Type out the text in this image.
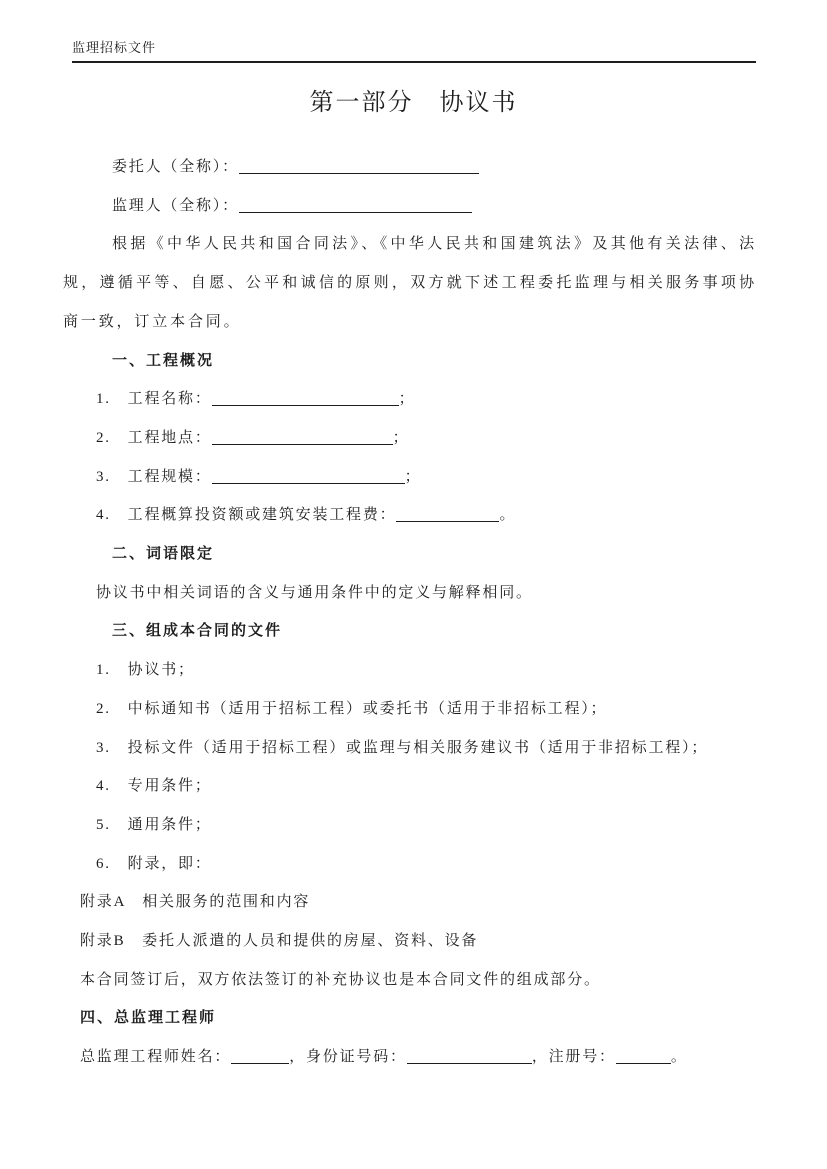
监理招标文件
第一部分　协议书

委托人（全称）：

监理人（全称）：

根据《中华人民共和国合同法》、《中华人民共和国建筑法》及其他有关法律、法规，遵循平等、自愿、公平和诚信的原则，双方就下述工程委托监理与相关服务事项协商一致，订立本合同。

一、工程概况

1.　工程名称：	；

2.　工程地点：	；

3.　工程规模：	；

4.　工程概算投资额或建筑安装工程费：	。

二、词语限定

协议书中相关词语的含义与通用条件中的定义与解释相同。

三、组成本合同的文件

1.　协议书；

2.　中标通知书（适用于招标工程）或委托书（适用于非招标工程）；

3.　投标文件（适用于招标工程）或监理与相关服务建议书（适用于非招标工程）；

4.　专用条件；

5.　通用条件；

6.　附录，即：

附录A　相关服务的范围和内容

附录B　委托人派遣的人员和提供的房屋、资料、设备

本合同签订后，双方依法签订的补充协议也是本合同文件的组成部分。

四、总监理工程师

总监理工程师姓名：	，身份证号码：	，注册号：	。
